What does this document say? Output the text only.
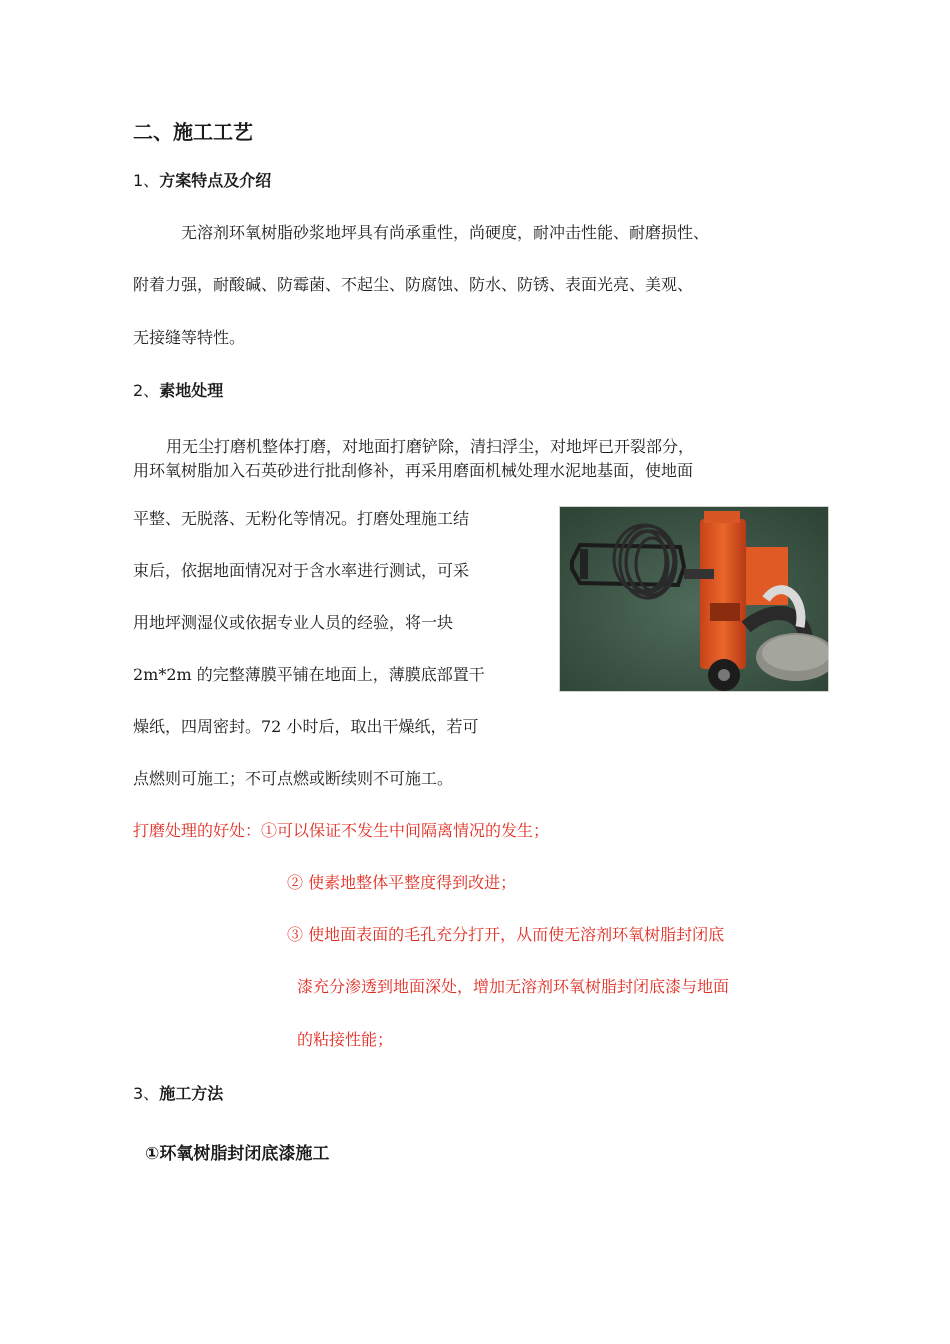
二、施工工艺
1、方案特点及介绍
无溶剂环氧树脂砂浆地坪具有尚承重性，尚硬度，耐冲击性能、耐磨损性、
附着力强，耐酸碱、防霉菌、不起尘、防腐蚀、防水、防锈、表面光亮、美观、
无接缝等特性。
2、素地处理
用无尘打磨机整体打磨，对地面打磨铲除，清扫浮尘，对地坪已开裂部分，
用环氧树脂加入石英砂进行批刮修补，再采用磨面机械处理水泥地基面，使地面
平整、无脱落、无粉化等情况。打磨处理施工结
束后，依据地面情况对于含水率进行测试，可采
用地坪测湿仪或依据专业人员的经验，将一块
2m*2m 的完整薄膜平铺在地面上，薄膜底部置干
燥纸，四周密封。72 小时后，取出干燥纸，若可
点燃则可施工；不可点燃或断续则不可施工。
打磨处理的好处：①可以保证不发生中间隔离情况的发生；
② 使素地整体平整度得到改进；
③ 使地面表面的毛孔充分打开，从而使无溶剂环氧树脂封闭底
漆充分渗透到地面深处，增加无溶剂环氧树脂封闭底漆与地面
的粘接性能；
3、施工方法
①环氧树脂封闭底漆施工
